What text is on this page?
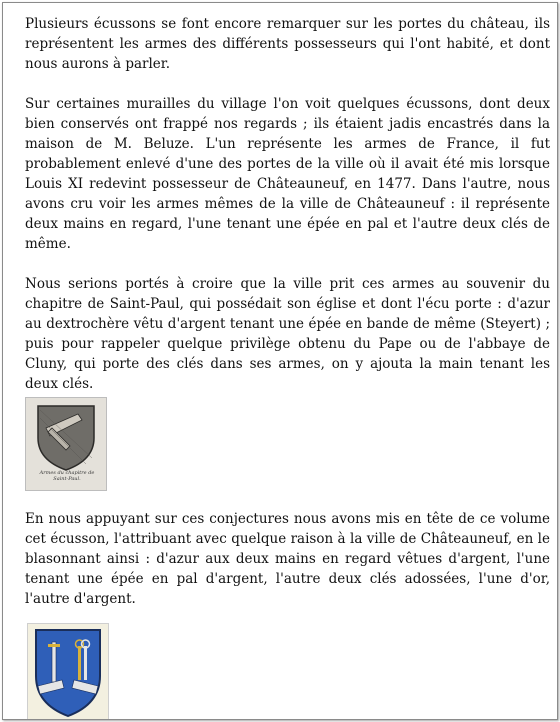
Plusieurs écussons se font encore remarquer sur les portes du château, ils représentent les armes des différents possesseurs qui l'ont habité, et dont nous aurons à parler.

Sur certaines murailles du village l'on voit quelques écussons, dont deux bien conservés ont frappé nos regards ; ils étaient jadis encastrés dans la maison de M. Beluze. L'un représente les armes de France, il fut probablement enlevé d'une des portes de la ville où il avait été mis lorsque Louis XI redevint possesseur de Châteauneuf, en 1477. Dans l'autre, nous avons cru voir les armes mêmes de la ville de Châteauneuf : il représente deux mains en regard, l'une tenant une épée en pal et l'autre deux clés de même.

Nous serions portés à croire que la ville prit ces armes au souvenir du chapitre de Saint-Paul, qui possédait son église et dont l'écu porte : d'azur au dextrochère vêtu d'argent tenant une épée en bande de même (Steyert) ; puis pour rappeler quelque privilège obtenu du Pape ou de l'abbaye de Cluny, qui porte des clés dans ses armes, on y ajouta la main tenant les deux clés.

Armes du chapitre de Saint-Paul.

En nous appuyant sur ces conjectures nous avons mis en tête de ce volume cet écusson, l'attribuant avec quelque raison à la ville de Châteauneuf, en le blasonnant ainsi : d'azur aux deux mains en regard vêtues d'argent, l'une tenant une épée en pal d'argent, l'autre deux clés adossées, l'une d'or, l'autre d'argent.
